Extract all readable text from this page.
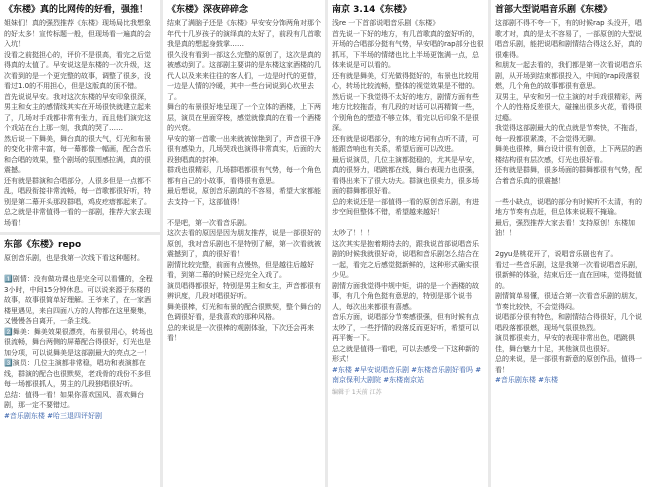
《东楼》真的比网传的好看，强推！
姐妹们！真的强烈推荐《东楼》现场局比我想象的好太多！宣传标题一般，但现场看一遍真的会入坑！
没看之前挺担心的，评价不是很高，看完之后觉得真的太值了。早安说这是东楼的一次升级，这次看到的是一个更完整的故事，调整了很多，没看过1.0的不用担心，但是这版真的顶不错。
首先说说早安。我对这次东楼的早安印象很深，男主和女主的感情线其实在开场很快就建立起来了，几场对手戏都非常有张力，而且他们演完这个戏站在台上那一刻，我真的哭了……
然后说一下舞美，舞台真的很大气，灯光和布景的变化非常丰富，每一幕都像一幅画，配合音乐和合唱的效果，整个剧场的氛围感拉满，真的很震撼。
还有就是群演和合唱部分，人很多但是一点都不乱，唱段衔接非常流畅，每一首歌都很好听，特别是第二幕开头那段群唱，鸡皮疙瘩都起来了。
总之就是非常值得一看的一部剧，推荐大家去现场看！
东部《东楼》repo
原创音乐剧，也是我第一次线下看这种题材。

1️⃣剧情：没有做功课也是完全可以看懂的，全程3小时，中间15分钟休息。可以说来源于东楼的故事，故事很简单好理解。王爷来了，在一家酒楼里遇见，来自四面八方的人物都在这里聚集，又慢慢各自离开，一条主线。
2️⃣舞美：舞美效果很漂亮，布景很用心，转场也很流畅，舞台两侧的屏幕配合得很好，灯光也是加分项，可以说舞美是这部剧最大的亮点之一！
3️⃣演员：几位主演都非常稳，唱功和表演都在线，群演的配合也很默契，老戏骨的戏份不多但每一场都很抓人，男主的几段独唱很好听。
总结：值得一看！如果你喜欢国风、喜欢舞台剧，那一定不要错过。
#音乐剧东楼 #哈三退四评好剧
《东楼》深夜碎碎念
结束了满脑子还是《东楼》早安安分饰两角对那个年代十几岁孩子的演绎真的太好了，前段有几首歌我是真的想起身鼓掌……
很久没有看到一部这么完整的原创了，这次是真的被感动到了。这部剧主要讲的是东楼这家酒楼的几代人以及来来往往的客人们，一边是时代的更替，一边是人情的冷暖，其中一些台词说到心坎里去了。
舞台的布景很好地呈现了一个立体的酒楼，上下两层，演员在里面穿梭，感觉就像真的在看一个酒楼的兴衰。
早安的第一首歌一出来就被惊艳到了，声音很干净很有感染力，几场哭戏也演得非常真实，后面的大段独唱真的封神。
群戏也很精彩，几场群唱都很有气势，每一个角色都有自己的小故事，看得很有意思。
最后想说，原创音乐剧真的不容易，希望大家都能去支持一下，这部值得！

不是吧，第一次看音乐剧。
这次去看的原因是因为朋友推荐，说是一部很好的原创，我对音乐剧也不是特别了解，第一次看就被震撼到了，真的很好看！
剧情比较完整，前面有点慢热，但是越往后越好看，到第二幕的时候已经完全入戏了。
演员唱得都很好，特别是男主和女主，声音都很有辨识度，几段对唱很好听。
舞美很棒，灯光和布景的配合很默契，整个舞台的色调很好看，是我喜欢的那种风格。
总的来说是一次很棒的观剧体验，下次还会再来看！
南京 3.14《东楼》
浅re 一下首部说唱音乐剧《东楼》
首先说一下好的地方，有几首歌真的蛮好听的，开场的合唱部分挺有气势，早安唱的rap部分也很抓耳，下半场的情绪也比上半场更饱满一点，总体来说是可以看的。
还有就是舞美，灯光做得挺好的，布景也比较用心，转场比较流畅，整体的视觉效果是不错的。
然后说一下我觉得不太好的地方，剧情方面有些地方比较拖沓，有几段的对话可以再精简一些，个别角色的塑造不够立体，看完以后印象不是很深。
还有就是说唱部分，有的地方词有点听不清，可能跟音响也有关系，希望后面可以改进。
最后说演员，几位主演都挺稳的，尤其是早安，真的很努力，唱跳都在线，舞台表现力也很强，看得出来下了很大功夫。群演也很卖力，很多场面的群舞都很好看。
总的来说还是一部值得一看的原创音乐剧，有进步空间但整体不错，希望越来越好！

太吵了！！！
这次其实是抱着期待去的，跟我说首部说唱音乐剧的时候我就很好奇，说唱和音乐剧怎么结合在一起，看完之后感觉挺新鲜的，这种形式确实很少见。
剧情方面我觉得中规中矩，讲的是一个酒楼的故事，有几个角色挺有意思的，特别是那个说书人，每次出来都很有喜感。
音乐方面，说唱部分节奏感很强，但有时候有点太吵了，一些抒情的段落反而更好听，希望可以再平衡一下。
总之就是值得一看吧，可以去感受一下这种新的形式！
#东楼 #早安说唱音乐剧 #东楼音乐剧好看吗 #南京保利大剧院 #东楼南京站
编辑于 1天前 江苏
首部大型说唱音乐剧《东楼》
这部剧不得不夸一下，有的时候rap 头没开，唱歌才对，真的是太不容易了，一部原创的大型说唱音乐剧，能把说唱和剧情结合得这么好，真的很难得。
和朋友一起去看的，我们都是第一次看说唱音乐剧，从开场到结束都很投入，中间的rap段落很燃，几个角色的故事都很有意思。
双男主，早安和另一位主演的对手戏很精彩，两个人的性格反差很大，碰撞出很多火花，看得很过瘾。
我觉得这部剧最大的优点就是节奏快，不拖沓，每一段都很紧凑，不会觉得无聊。
舞美也很棒，舞台设计很有创意，上下两层的酒楼结构很有层次感，灯光也很好看。
还有就是群舞，很多场面的群舞都很有气势，配合着音乐真的很震撼！

一些小缺点，说唱的部分有时候听不太清，有的地方节奏有点赶，但总体来说瑕不掩瑜。
最后，强烈推荐大家去看！支持原创！东楼加油！！

2gyu是桃花开了，说唱音乐剧也有了。
看过一些音乐剧，这是我第一次看说唱音乐剧，很新鲜的体验，结束后还一直在回味，觉得挺值的。
剧情简单易懂，很适合第一次看音乐剧的朋友，节奏比较快，不会觉得闷。
说唱部分很有特色，和剧情结合得很好，几个说唱段落都很燃，现场气氛很热烈。
演员都很卖力，早安的表现非常出色，唱跳俱佳，舞台魅力十足，其他演员也很好。
总的来说，是一部很有新意的原创作品，值得一看！
#音乐剧东楼 #东楼
